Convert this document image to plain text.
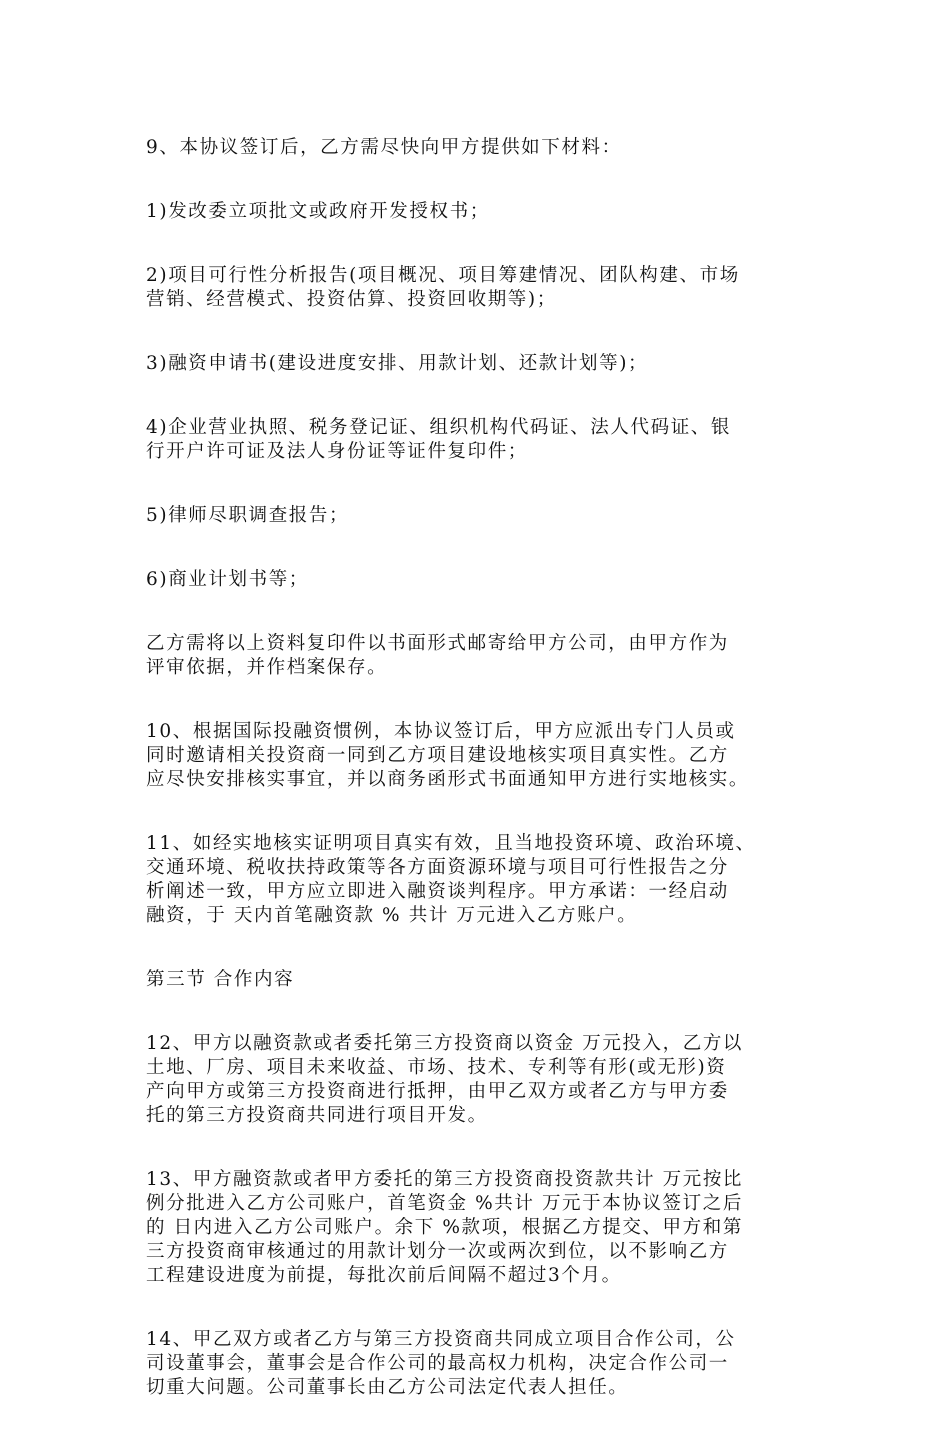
9、本协议签订后，乙方需尽快向甲方提供如下材料：
1)发改委立项批文或政府开发授权书；
2)项目可行性分析报告(项目概况、项目筹建情况、团队构建、市场
营销、经营模式、投资估算、投资回收期等)；
3)融资申请书(建设进度安排、用款计划、还款计划等)；
4)企业营业执照、税务登记证、组织机构代码证、法人代码证、银
行开户许可证及法人身份证等证件复印件；
5)律师尽职调查报告；
6)商业计划书等；
乙方需将以上资料复印件以书面形式邮寄给甲方公司，由甲方作为
评审依据，并作档案保存。
10、根据国际投融资惯例，本协议签订后，甲方应派出专门人员或
同时邀请相关投资商一同到乙方项目建设地核实项目真实性。乙方
应尽快安排核实事宜，并以商务函形式书面通知甲方进行实地核实。
11、如经实地核实证明项目真实有效，且当地投资环境、政治环境、
交通环境、税收扶持政策等各方面资源环境与项目可行性报告之分
析阐述一致，甲方应立即进入融资谈判程序。甲方承诺：一经启动
融资，于 天内首笔融资款 % 共计 万元进入乙方账户。
第三节 合作内容
12、甲方以融资款或者委托第三方投资商以资金 万元投入，乙方以
土地、厂房、项目未来收益、市场、技术、专利等有形(或无形)资
产向甲方或第三方投资商进行抵押，由甲乙双方或者乙方与甲方委
托的第三方投资商共同进行项目开发。
13、甲方融资款或者甲方委托的第三方投资商投资款共计 万元按比
例分批进入乙方公司账户，首笔资金 %共计 万元于本协议签订之后
的 日内进入乙方公司账户。余下 %款项，根据乙方提交、甲方和第
三方投资商审核通过的用款计划分一次或两次到位，以不影响乙方
工程建设进度为前提，每批次前后间隔不超过3个月。
14、甲乙双方或者乙方与第三方投资商共同成立项目合作公司，公
司设董事会，董事会是合作公司的最高权力机构，决定合作公司一
切重大问题。公司董事长由乙方公司法定代表人担任。
